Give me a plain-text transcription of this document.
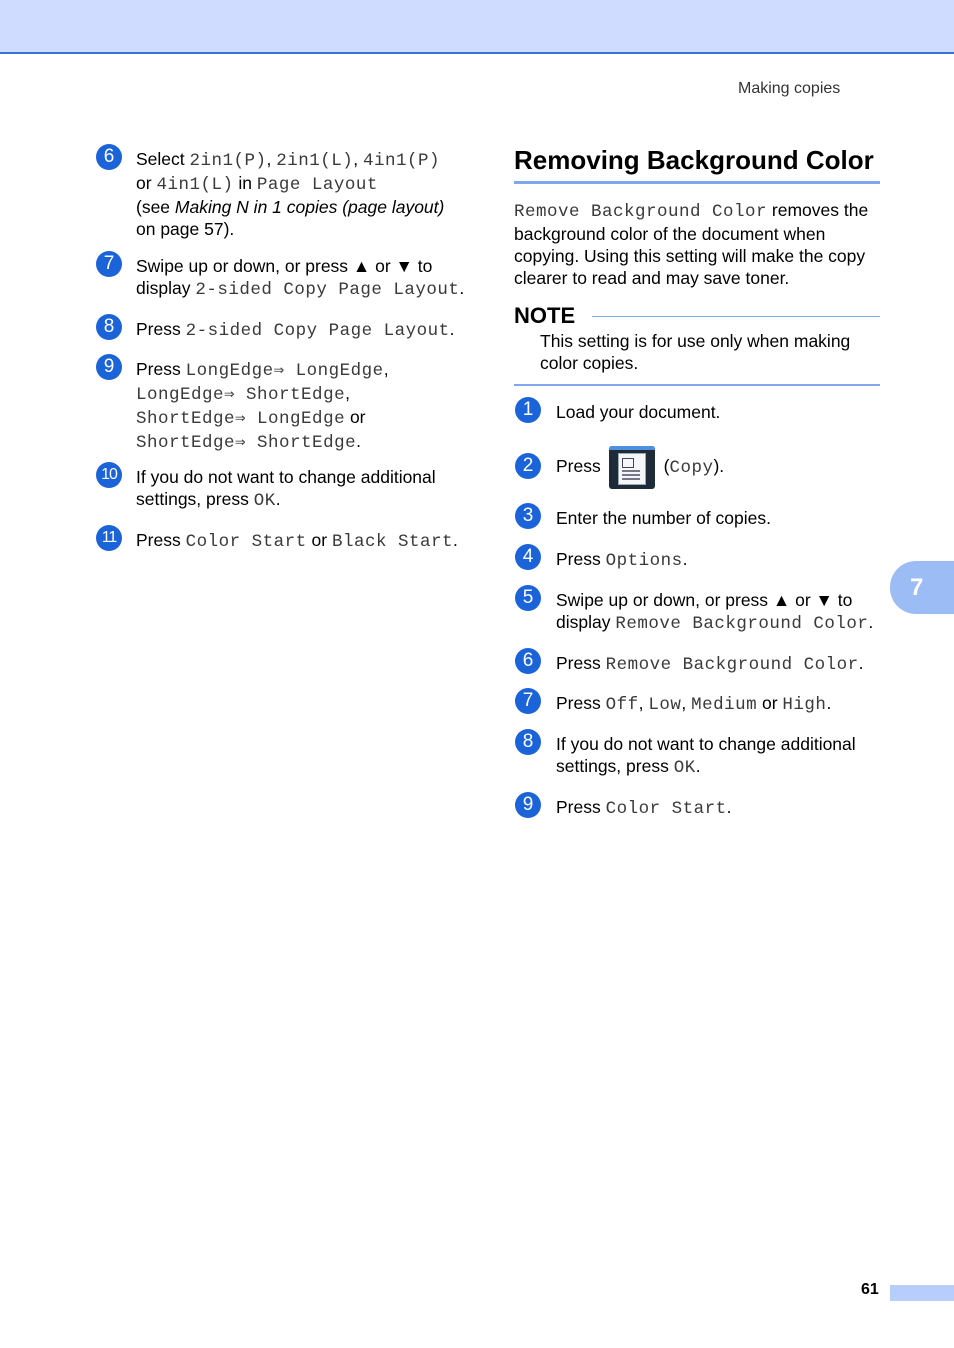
Making copies
6	Select 2in1(P), 2in1(L), 4in1(P)
or 4in1(L) in Page Layout
(see Making N in 1 copies (page layout)
on page 57).
7	Swipe up or down, or press ▲ or ▼ to
display 2-sided Copy Page Layout.
8	Press 2-sided Copy Page Layout.
9	Press LongEdge⇒ LongEdge,
LongEdge⇒ ShortEdge,
ShortEdge⇒ LongEdge or
ShortEdge⇒ ShortEdge.
10 If you do not want to change additional
settings, press OK.
11	Press Color Start or Black Start.
Removing Background Color
Remove Background Color removes the background color of the document when copying. Using this setting will make the copy clearer to read and may save toner.
NOTE
This setting is for use only when making color copies.
1	Load your document.
2	Press	(Copy).
3	Enter the number of copies.
4	Press Options.
5	Swipe up or down, or press ▲ or ▼ to
display Remove Background Color.
6	Press Remove Background Color.
7	Press Off, Low, Medium or High.
8	If you do not want to change additional
settings, press OK.
9	Press Color Start.
7
61
